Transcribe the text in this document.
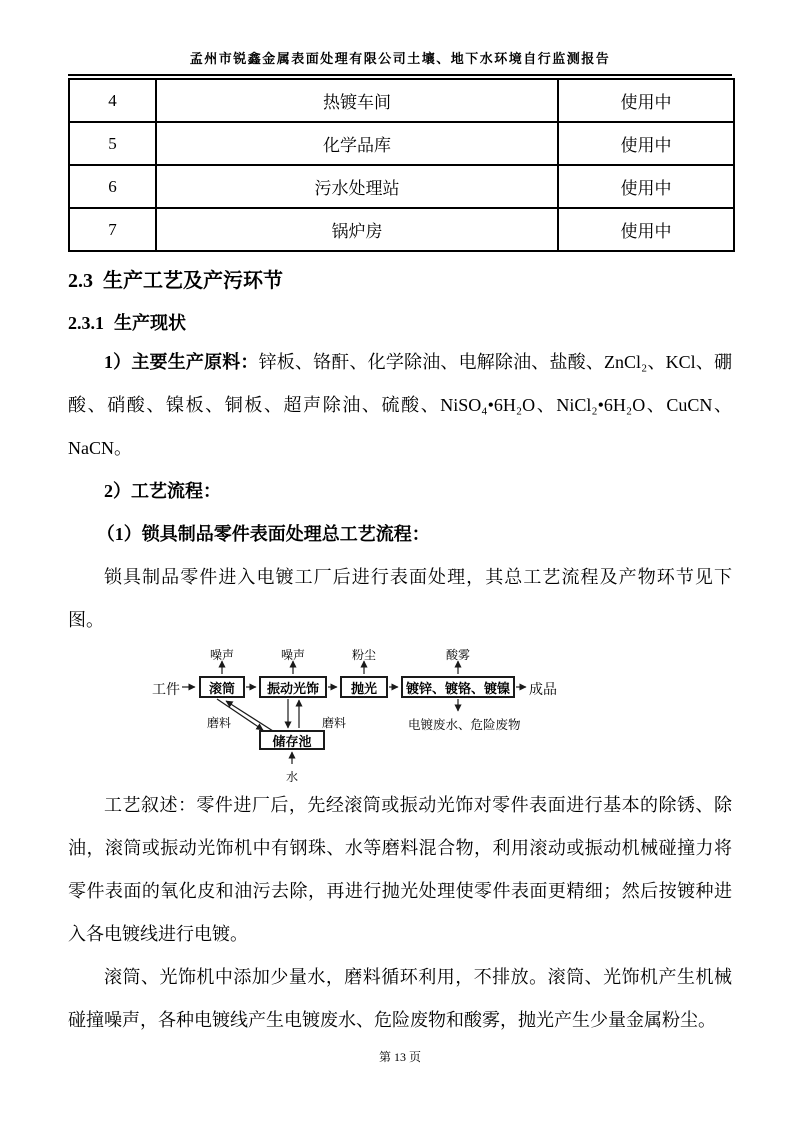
孟州市锐鑫金属表面处理有限公司土壤、地下水环境自行监测报告
4	热镀车间	使用中
5	化学品库	使用中
6	污水处理站	使用中
7	锅炉房	使用中
2.3 生产工艺及产污环节
2.3.1 生产现状

1）主要生产原料：锌板、铬酐、化学除油、电解除油、盐酸、ZnCl₂、KCl、硼酸、硝酸、镍板、铜板、超声除油、硫酸、NiSO₄•6H₂O、NiCl₂•6H₂O、CuCN、NaCN。

2）工艺流程：

（1）锁具制品零件表面处理总工艺流程：

锁具制品零件进入电镀工厂后进行表面处理，其总工艺流程及产物环节见下图。

噪声	噪声	粉尘	酸雾
工件	滚筒	振动光饰	抛光	镀锌、镀铬、镀镍	成品
磨料	磨料	电镀废水、危险废物
储存池
水

工艺叙述：零件进厂后，先经滚筒或振动光饰对零件表面进行基本的除锈、除油，滚筒或振动光饰机中有钢珠、水等磨料混合物，利用滚动或振动机械碰撞力将零件表面的氧化皮和油污去除，再进行抛光处理使零件表面更精细；然后按镀种进入各电镀线进行电镀。

滚筒、光饰机中添加少量水，磨料循环利用，不排放。滚筒、光饰机产生机械碰撞噪声，各种电镀线产生电镀废水、危险废物和酸雾，抛光产生少量金属粉尘。

第 13 页
